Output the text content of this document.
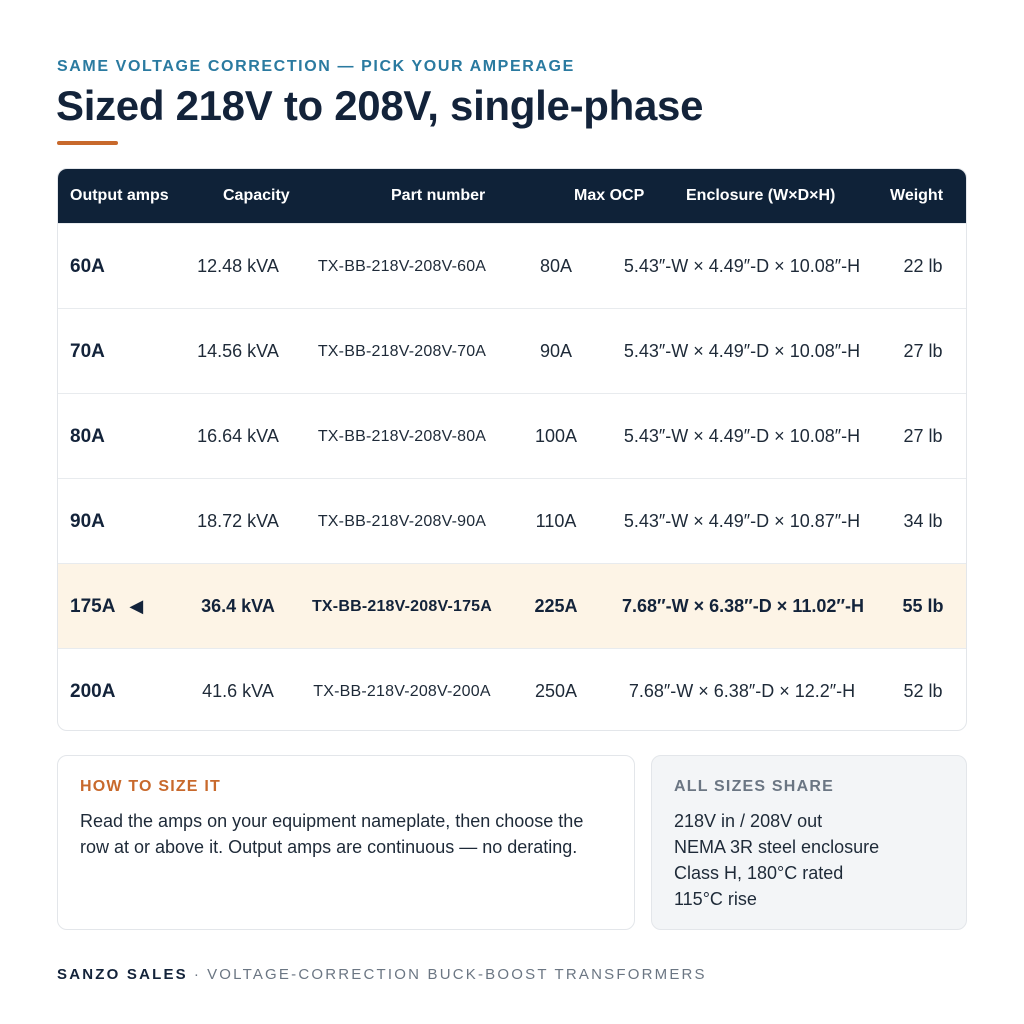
SAME VOLTAGE CORRECTION — PICK YOUR AMPERAGE
Sized 218V to 208V, single-phase
Output amps	Capacity	Part number	Max OCP	Enclosure (W×D×H)	Weight
60A	12.48 kVA	TX-BB-218V-208V-60A	80A	5.43″-W × 4.49″-D × 10.08″-H	22 lb
70A	14.56 kVA	TX-BB-218V-208V-70A	90A	5.43″-W × 4.49″-D × 10.08″-H	27 lb
80A	16.64 kVA	TX-BB-218V-208V-80A	100A	5.43″-W × 4.49″-D × 10.08″-H	27 lb
90A	18.72 kVA	TX-BB-218V-208V-90A	110A	5.43″-W × 4.49″-D × 10.87″-H	34 lb
175A ◀	36.4 kVA	TX-BB-218V-208V-175A	225A	7.68″-W × 6.38″-D × 11.02″-H	55 lb
200A	41.6 kVA	TX-BB-218V-208V-200A	250A	7.68″-W × 6.38″-D × 12.2″-H	52 lb
HOW TO SIZE IT
Read the amps on your equipment nameplate, then choose the row at or above it. Output amps are continuous — no derating.
ALL SIZES SHARE
218V in / 208V out
NEMA 3R steel enclosure
Class H, 180°C rated
115°C rise
SANZO SALES · VOLTAGE-CORRECTION BUCK-BOOST TRANSFORMERS
